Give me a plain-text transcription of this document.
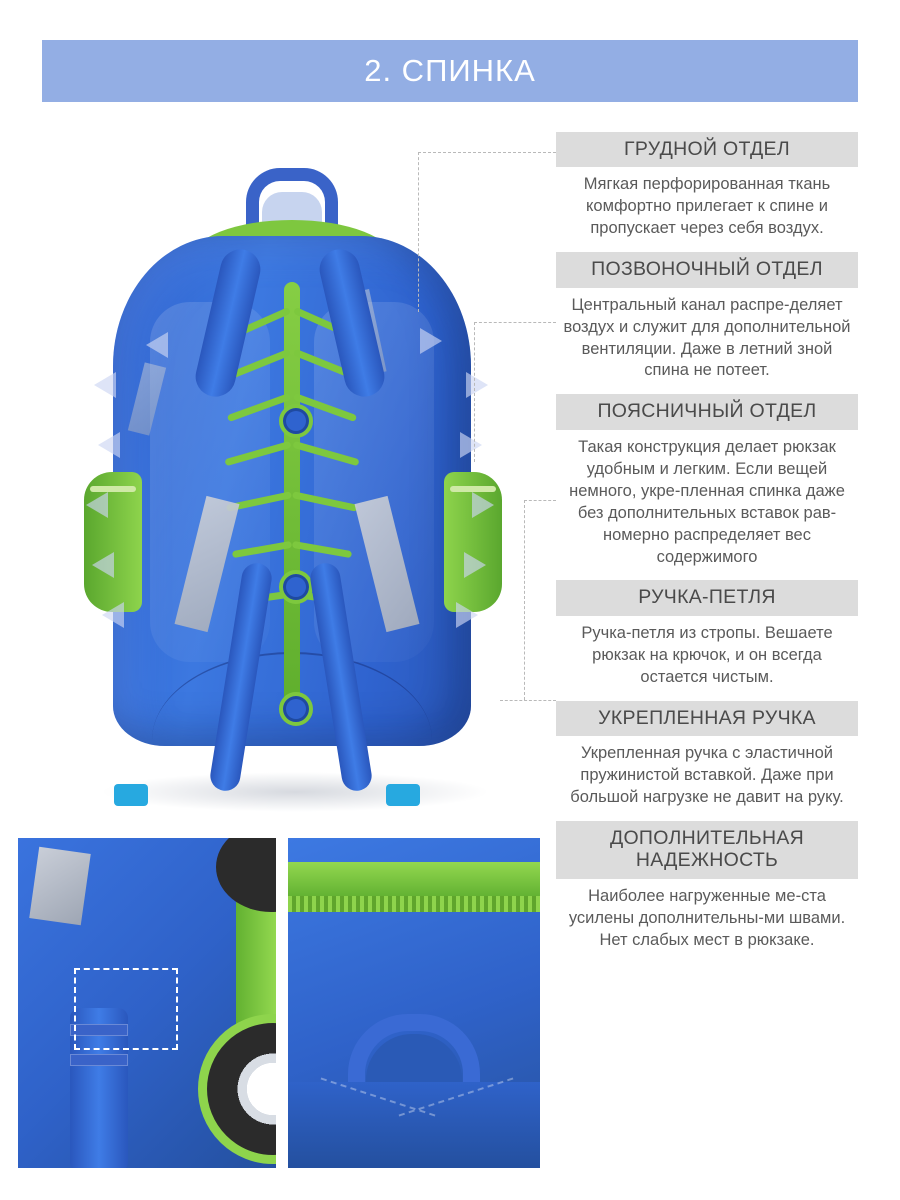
2. СПИНКА
ГРУДНОЙ ОТДЕЛ
Мягкая перфорированная ткань комфортно прилегает к спине и пропускает через себя воздух.
ПОЗВОНОЧНЫЙ ОТДЕЛ
Центральный канал распре-деляет воздух и служит для дополнительной вентиляции. Даже в летний зной спина не потеет.
ПОЯСНИЧНЫЙ ОТДЕЛ
Такая конструкция делает рюкзак удобным и легким. Если вещей немного, укре-пленная спинка даже без дополнительных вставок рав-номерно распределяет вес содержимого
РУЧКА-ПЕТЛЯ
Ручка-петля из стропы. Вешаете рюкзак на крючок, и он всегда остается чистым.
УКРЕПЛЕННАЯ РУЧКА
Укрепленная ручка с эластичной пружинистой вставкой. Даже при большой нагрузке не давит на руку.
ДОПОЛНИТЕЛЬНАЯ НАДЕЖНОСТЬ
Наиболее нагруженные ме-ста усилены дополнительны-ми швами. Нет слабых мест в рюкзаке.
